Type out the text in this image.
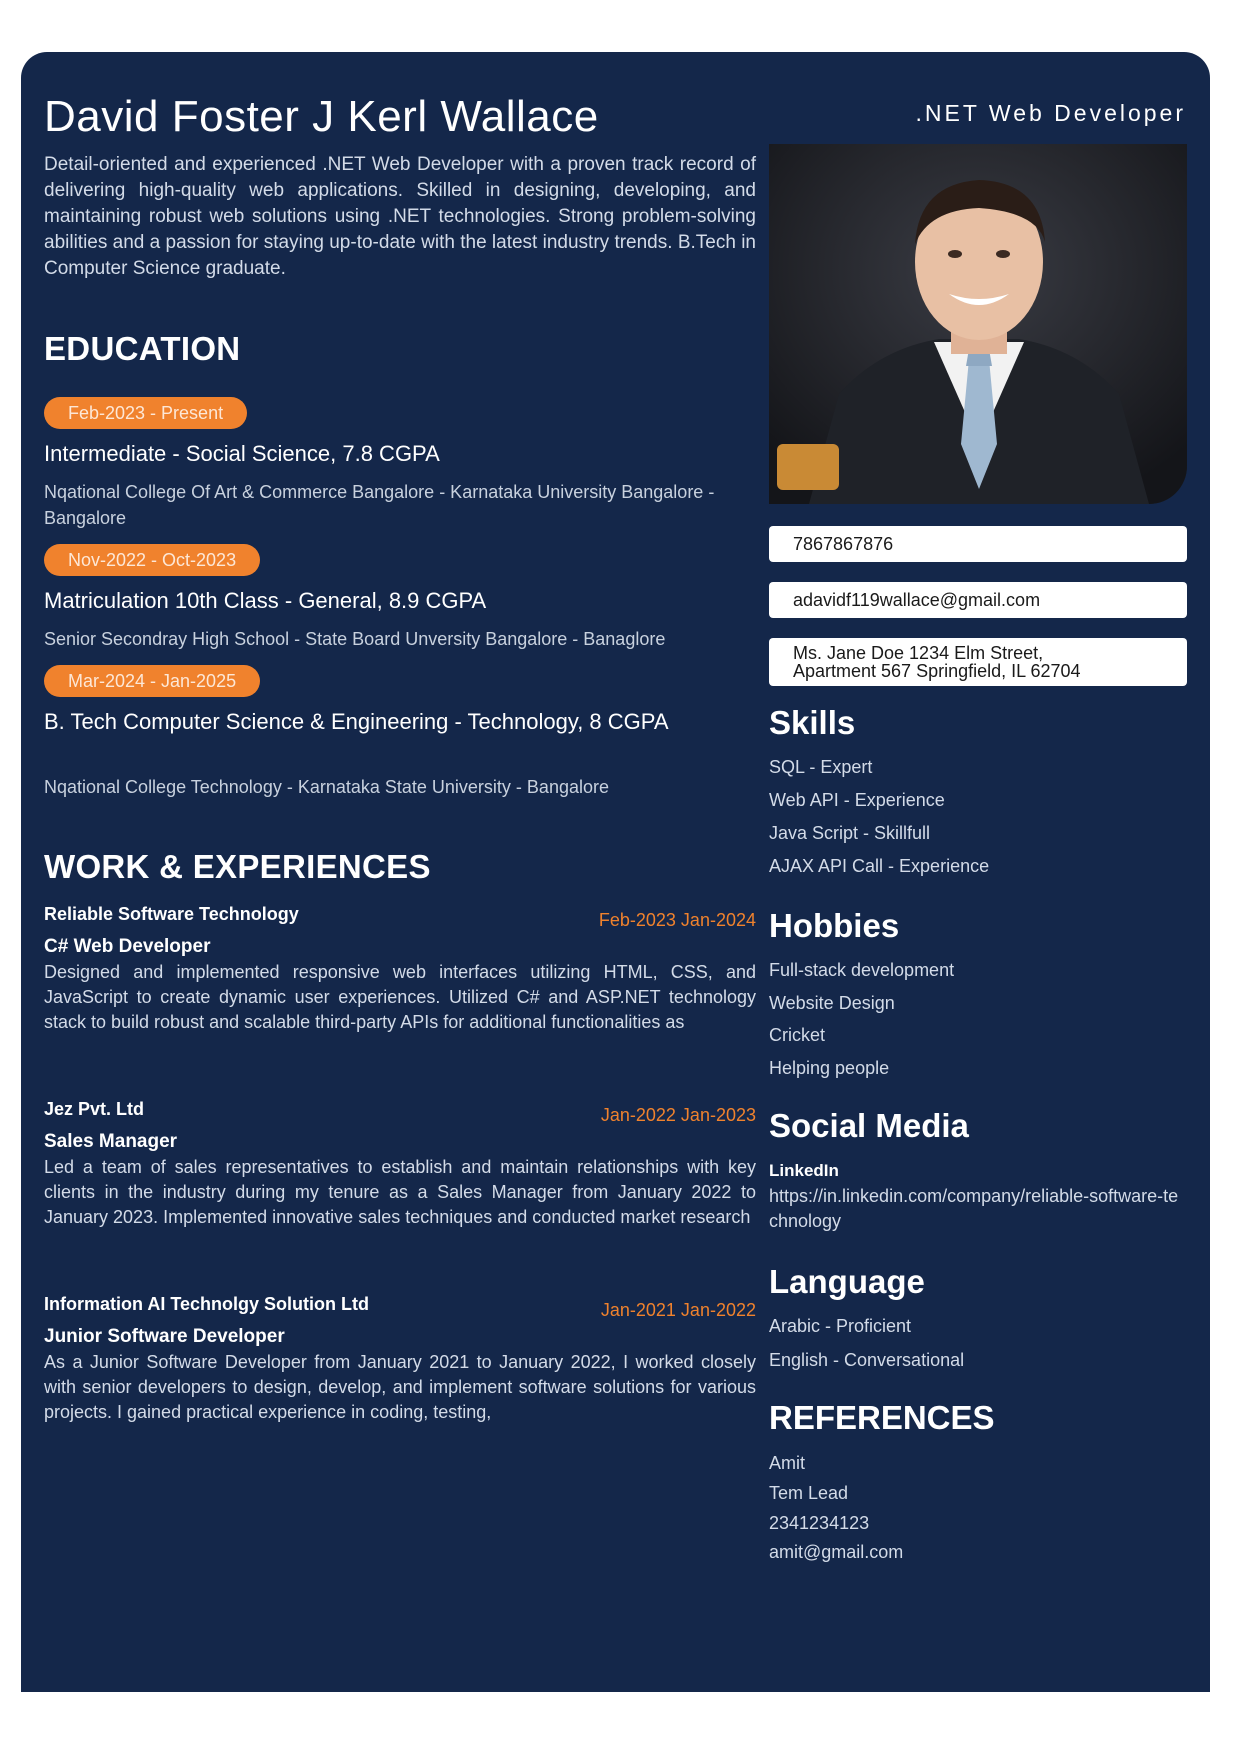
David Foster J Kerl Wallace	.NET Web Developer
Detail-oriented and experienced .NET Web Developer with a proven track record of delivering high-quality web applications. Skilled in designing, developing, and maintaining robust web solutions using .NET technologies. Strong problem-solving abilities and a passion for staying up-to-date with the latest industry trends. B.Tech in Computer Science graduate.
EDUCATION
Feb-2023 - Present
Intermediate - Social Science, 7.8 CGPA
Nqational College Of Art & Commerce Bangalore - Karnataka University Bangalore - Bangalore
Nov-2022 - Oct-2023
Matriculation 10th Class - General, 8.9 CGPA
Senior Secondray High School - State Board Unversity Bangalore - Banaglore
Mar-2024 - Jan-2025
B. Tech Computer Science & Engineering - Technology, 8 CGPA
Nqational College Technology - Karnataka State University - Bangalore
WORK & EXPERIENCES
Reliable Software Technology	Feb-2023 Jan-2024
C# Web Developer
Designed and implemented responsive web interfaces utilizing HTML, CSS, and JavaScript to create dynamic user experiences. Utilized C# and ASP.NET technology stack to build robust and scalable third-party APIs for additional functionalities as
Jez Pvt. Ltd	Jan-2022 Jan-2023
Sales Manager
Led a team of sales representatives to establish and maintain relationships with key clients in the industry during my tenure as a Sales Manager from January 2022 to January 2023. Implemented innovative sales techniques and conducted market research
Information AI Technolgy Solution Ltd	Jan-2021 Jan-2022
Junior Software Developer
As a Junior Software Developer from January 2021 to January 2022, I worked closely with senior developers to design, develop, and implement software solutions for various projects. I gained practical experience in coding, testing,
7867867876
adavidf119wallace@gmail.com
Ms. Jane Doe 1234 Elm Street,
Apartment 567 Springfield, IL 62704
Skills
SQL - Expert
Web API - Experience
Java Script - Skillfull
AJAX API Call - Experience
Hobbies
Full-stack development
Website Design
Cricket
Helping people
Social Media
LinkedIn
https://in.linkedin.com/company/reliable-software-technology
Language
Arabic - Proficient
English - Conversational
REFERENCES
Amit
Tem Lead
2341234123
amit@gmail.com
